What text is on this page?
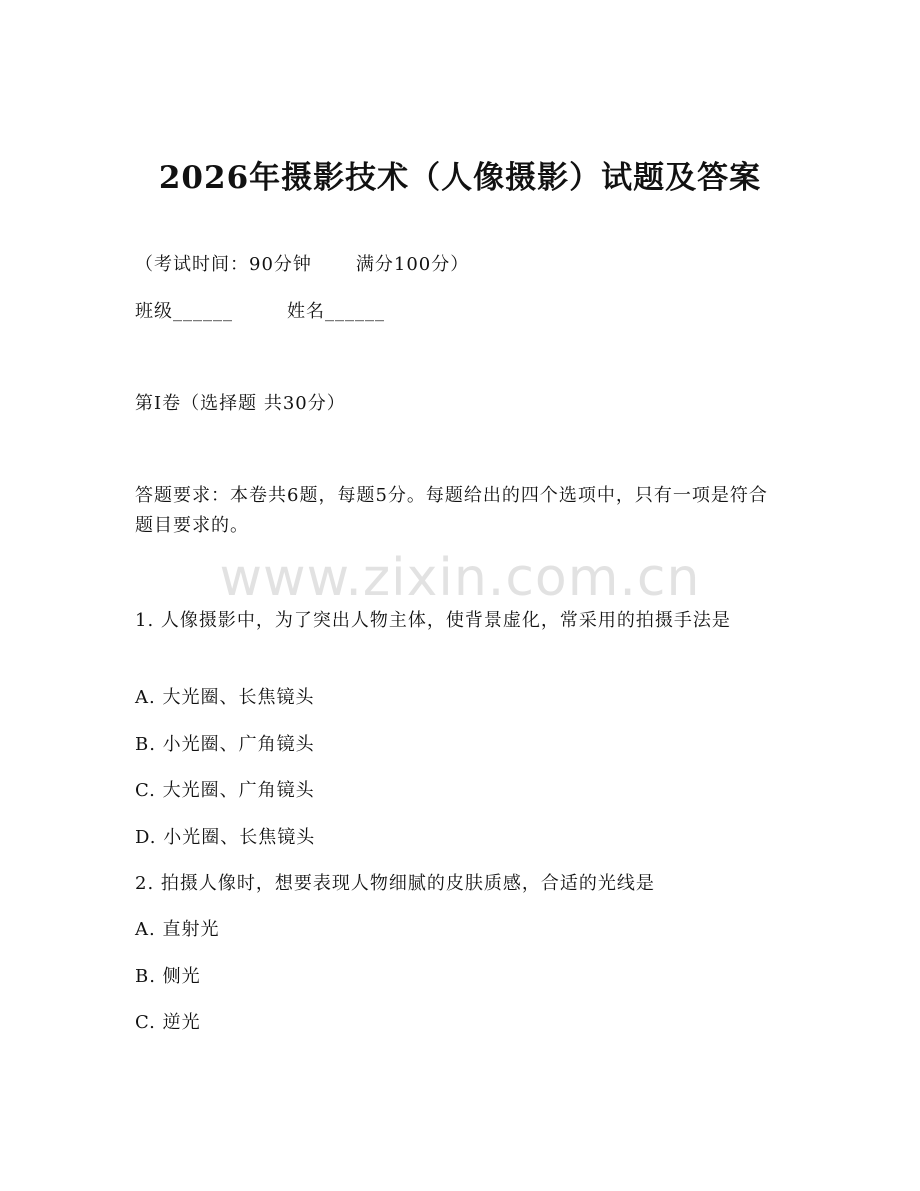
2026年摄影技术（人像摄影）试题及答案
（考试时间：90分钟 满分100分）
班级______	姓名______
第Ⅰ卷（选择题 共30分）
答题要求：本卷共6题，每题5分。每题给出的四个选项中，只有一项是符合题目要求的。
1. 人像摄影中，为了突出人物主体，使背景虚化，常采用的拍摄手法是
A. 大光圈、长焦镜头
B. 小光圈、广角镜头
C. 大光圈、广角镜头
D. 小光圈、长焦镜头
2. 拍摄人像时，想要表现人物细腻的皮肤质感，合适的光线是
A. 直射光
B. 侧光
C. 逆光
www.zixin.com.cn
